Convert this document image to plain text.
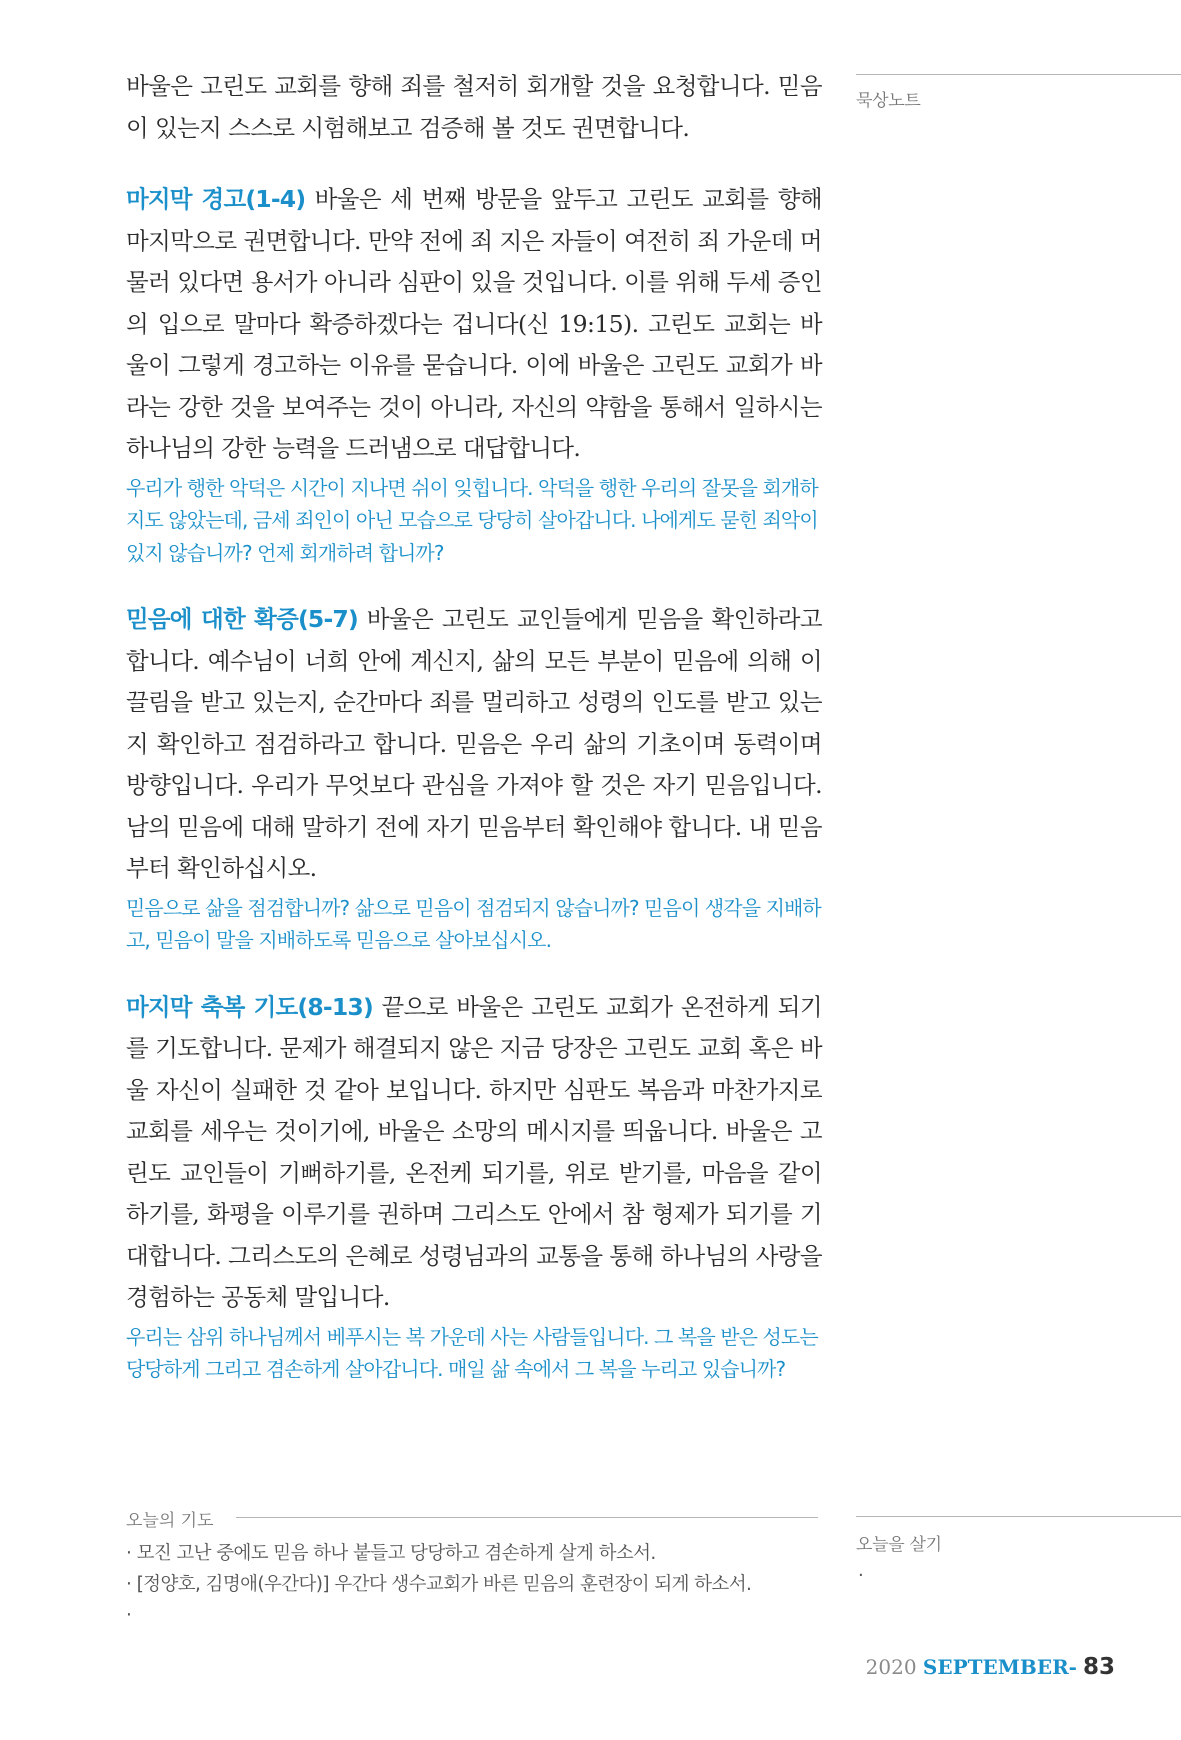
묵상노트
오늘을 살기
·

바울은 고린도 교회를 향해 죄를 철저히 회개할 것을 요청합니다. 믿음이 있는지 스스로 시험해보고 검증해 볼 것도 권면합니다.

마지막 경고(1-4) 바울은 세 번째 방문을 앞두고 고린도 교회를 향해 마지막으로 권면합니다. 만약 전에 죄 지은 자들이 여전히 죄 가운데 머물러 있다면 용서가 아니라 심판이 있을 것입니다. 이를 위해 두세 증인의 입으로 말마다 확증하겠다는 겁니다(신 19:15). 고린도 교회는 바울이 그렇게 경고하는 이유를 묻습니다. 이에 바울은 고린도 교회가 바라는 강한 것을 보여주는 것이 아니라, 자신의 약함을 통해서 일하시는 하나님의 강한 능력을 드러냄으로 대답합니다.

우리가 행한 악덕은 시간이 지나면 쉬이 잊힙니다. 악덕을 행한 우리의 잘못을 회개하지도 않았는데, 금세 죄인이 아닌 모습으로 당당히 살아갑니다. 나에게도 묻힌 죄악이 있지 않습니까? 언제 회개하려 합니까?

믿음에 대한 확증(5-7) 바울은 고린도 교인들에게 믿음을 확인하라고 합니다. 예수님이 너희 안에 계신지, 삶의 모든 부분이 믿음에 의해 이끌림을 받고 있는지, 순간마다 죄를 멀리하고 성령의 인도를 받고 있는지 확인하고 점검하라고 합니다. 믿음은 우리 삶의 기초이며 동력이며 방향입니다. 우리가 무엇보다 관심을 가져야 할 것은 자기 믿음입니다. 남의 믿음에 대해 말하기 전에 자기 믿음부터 확인해야 합니다. 내 믿음부터 확인하십시오.

믿음으로 삶을 점검합니까? 삶으로 믿음이 점검되지 않습니까? 믿음이 생각을 지배하고, 믿음이 말을 지배하도록 믿음으로 살아보십시오.

마지막 축복 기도(8-13) 끝으로 바울은 고린도 교회가 온전하게 되기를 기도합니다. 문제가 해결되지 않은 지금 당장은 고린도 교회 혹은 바울 자신이 실패한 것 같아 보입니다. 하지만 심판도 복음과 마찬가지로 교회를 세우는 것이기에, 바울은 소망의 메시지를 띄웁니다. 바울은 고린도 교인들이 기뻐하기를, 온전케 되기를, 위로 받기를, 마음을 같이 하기를, 화평을 이루기를 권하며 그리스도 안에서 참 형제가 되기를 기대합니다. 그리스도의 은혜로 성령님과의 교통을 통해 하나님의 사랑을 경험하는 공동체 말입니다.

우리는 삼위 하나님께서 베푸시는 복 가운데 사는 사람들입니다. 그 복을 받은 성도는 당당하게 그리고 겸손하게 살아갑니다. 매일 삶 속에서 그 복을 누리고 있습니까?

오늘의 기도
· 모진 고난 중에도 믿음 하나 붙들고 당당하고 겸손하게 살게 하소서.
· [정양호, 김명애(우간다)] 우간다 생수교회가 바른 믿음의 훈련장이 되게 하소서.
·
2020 SEPTEMBER- 83
